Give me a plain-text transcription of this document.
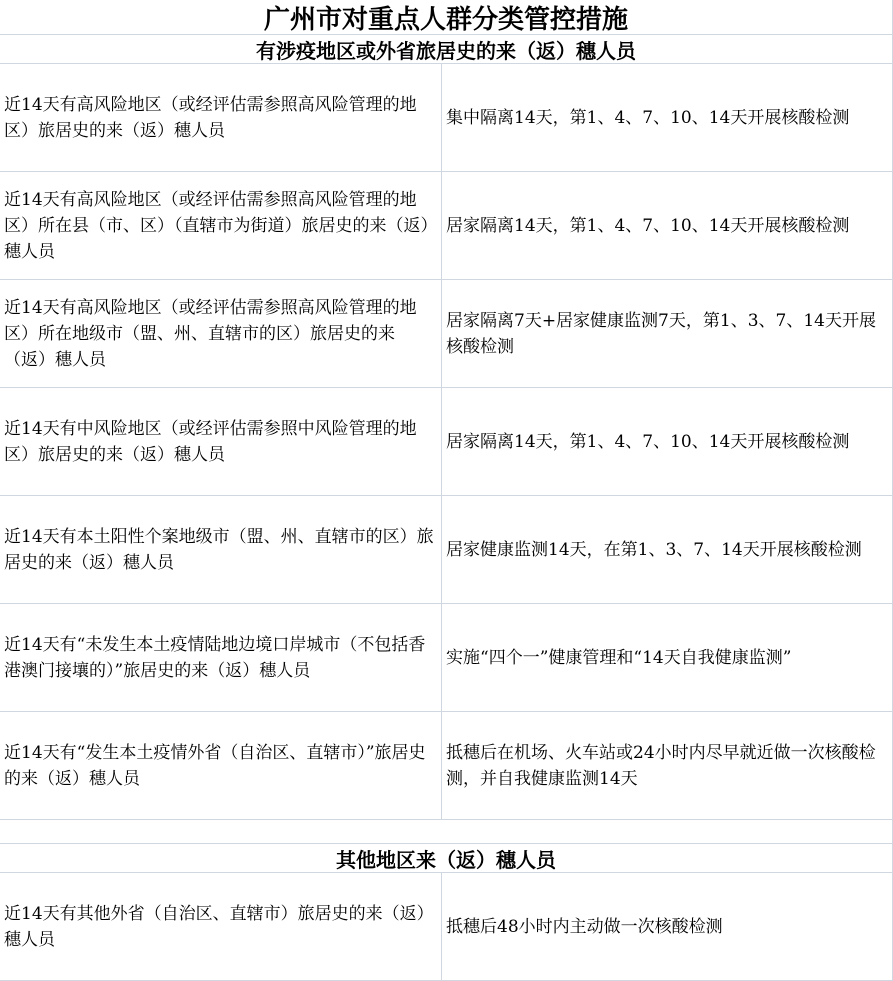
广州市对重点人群分类管控措施
有涉疫地区或外省旅居史的来（返）穗人员
近14天有高风险地区（或经评估需参照高风险管理的地区）旅居史的来（返）穗人员
集中隔离14天，第1、4、7、10、14天开展核酸检测
近14天有高风险地区（或经评估需参照高风险管理的地区）所在县（市、区）（直辖市为街道）旅居史的来（返）穗人员
居家隔离14天，第1、4、7、10、14天开展核酸检测
近14天有高风险地区（或经评估需参照高风险管理的地区）所在地级市（盟、州、直辖市的区）旅居史的来（返）穗人员
居家隔离7天+居家健康监测7天，第1、3、7、14天开展核酸检测
近14天有中风险地区（或经评估需参照中风险管理的地区）旅居史的来（返）穗人员
居家隔离14天，第1、4、7、10、14天开展核酸检测
近14天有本土阳性个案地级市（盟、州、直辖市的区）旅居史的来（返）穗人员
居家健康监测14天，在第1、3、7、14天开展核酸检测
近14天有“未发生本土疫情陆地边境口岸城市（不包括香港澳门接壤的）”旅居史的来（返）穗人员
实施“四个一”健康管理和“14天自我健康监测”
近14天有“发生本土疫情外省（自治区、直辖市）”旅居史的来（返）穗人员
抵穗后在机场、火车站或24小时内尽早就近做一次核酸检测，并自我健康监测14天
其他地区来（返）穗人员
近14天有其他外省（自治区、直辖市）旅居史的来（返）穗人员
抵穗后48小时内主动做一次核酸检测
